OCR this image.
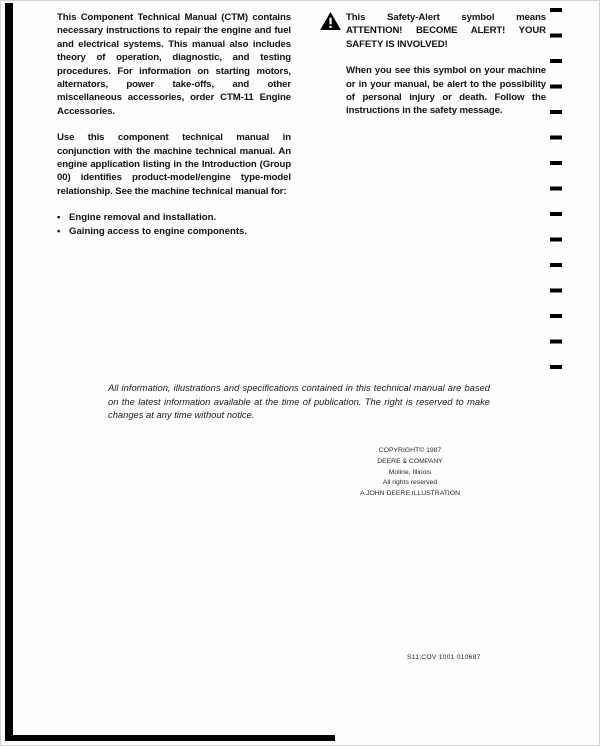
This Component Technical Manual (CTM) contains necessary instructions to repair the engine and fuel and electrical systems. This manual also includes theory of operation, diagnostic, and testing procedures. For information on starting motors, alternators, power take-offs, and other miscellaneous accessories, order CTM-11 Engine Accessories.

Use this component technical manual in conjunction with the machine technical manual. An engine application listing in the Introduction (Group 00) identifies product-model/engine type-model relationship. See the machine technical manual for:

•
Engine removal and installation.
•
Gaining access to engine components.

This Safety-Alert symbol means ATTENTION! BECOME ALERT! YOUR SAFETY IS INVOLVED!

When you see this symbol on your machine or in your manual, be alert to the possibility of personal injury or death. Follow the instructions in the safety message.

All information, illustrations and specifications contained in this technical manual are based on the latest information available at the time of publication. The right is reserved to make changes at any time without notice.

COPYRIGHT© 1987
DEERE & COMPANY
Moline, Illinois
All rights reserved
A JOHN DEERE ILLUSTRATION
S11;COV 1001 010687
